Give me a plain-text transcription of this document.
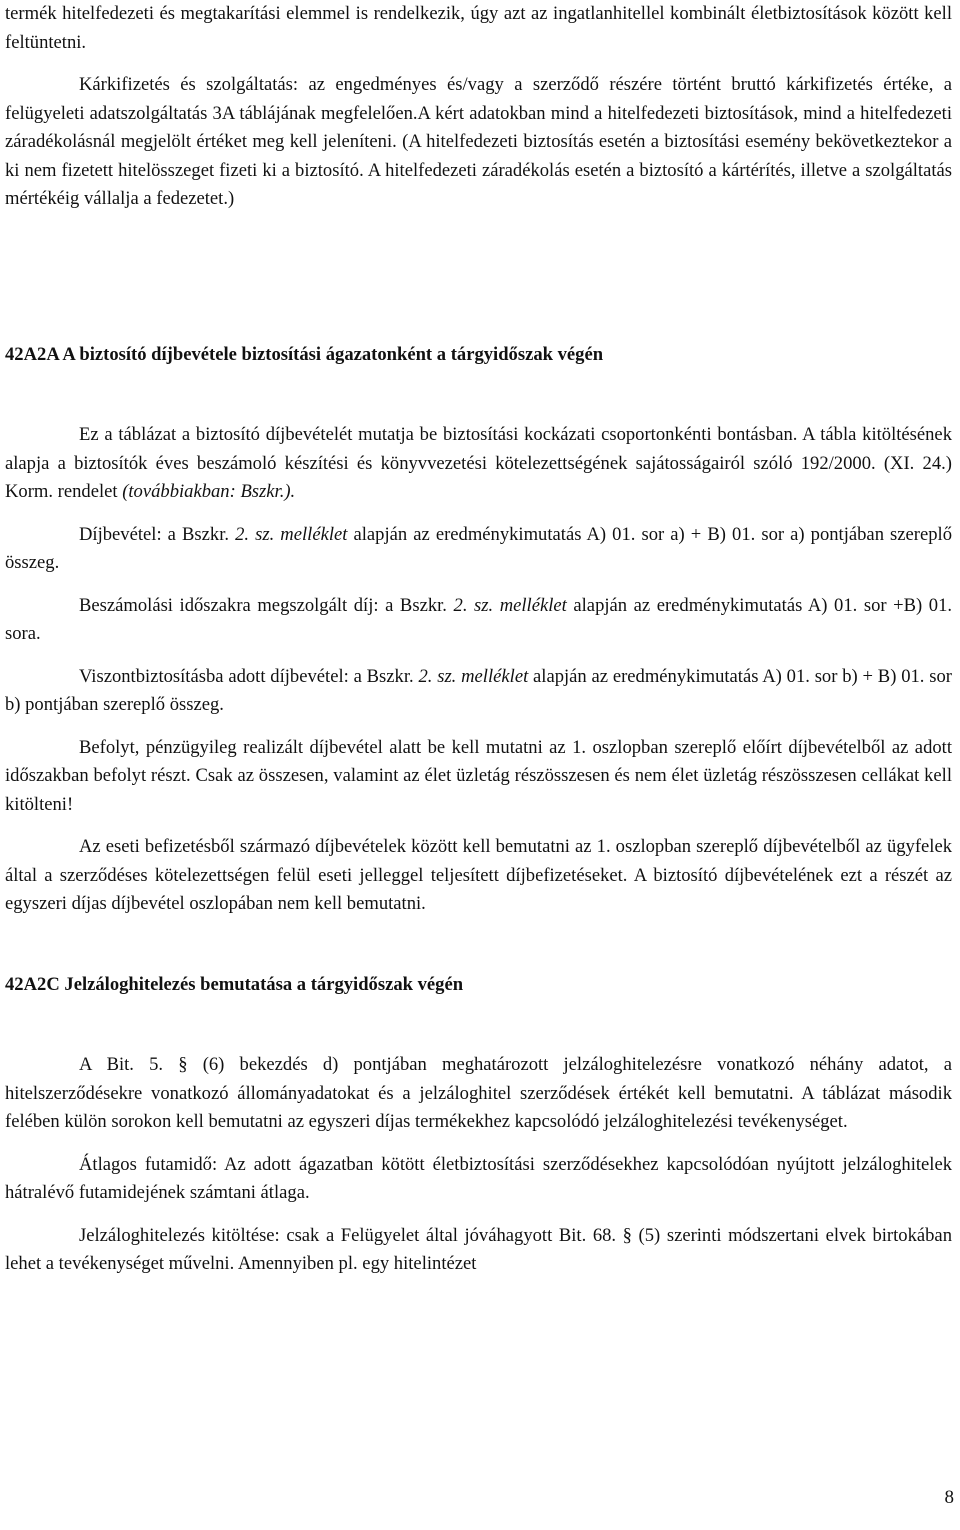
termék hitelfedezeti és megtakarítási elemmel is rendelkezik, úgy azt az ingatlanhitellel kombinált életbiztosítások között kell feltüntetni.

Kárkifizetés és szolgáltatás: az engedményes és/vagy a szerződő részére történt bruttó kárkifizetés értéke, a felügyeleti adatszolgáltatás 3A táblájának megfelelően.A kért adatokban mind a hitelfedezeti biztosítások, mind a hitelfedezeti záradékolásnál megjelölt értéket meg kell jeleníteni. (A hitelfedezeti biztosítás esetén a biztosítási esemény bekövetkeztekor a ki nem fizetett hitelösszeget fizeti ki a biztosító. A hitelfedezeti záradékolás esetén a biztosító a kártérítés, illetve a szolgáltatás mértékéig vállalja a fedezetet.)

42A2A A biztosító díjbevétele biztosítási ágazatonként a tárgyidőszak végén

Ez a táblázat a biztosító díjbevételét mutatja be biztosítási kockázati csoportonkénti bontásban. A tábla kitöltésének alapja a biztosítók éves beszámoló készítési és könyvvezetési kötelezettségének sajátosságairól szóló 192/2000. (XI. 24.) Korm. rendelet (továbbiakban: Bszkr.).

Díjbevétel: a Bszkr. 2. sz. melléklet alapján az eredménykimutatás A) 01. sor a) + B) 01. sor a) pontjában szereplő összeg.

Beszámolási időszakra megszolgált díj: a Bszkr. 2. sz. melléklet alapján az eredménykimutatás A) 01. sor +B) 01. sora.

Viszontbiztosításba adott díjbevétel: a Bszkr. 2. sz. melléklet alapján az eredménykimutatás A) 01. sor b) + B) 01. sor b) pontjában szereplő összeg.

Befolyt, pénzügyileg realizált díjbevétel alatt be kell mutatni az 1. oszlopban szereplő előírt díjbevételből az adott időszakban befolyt részt. Csak az összesen, valamint az élet üzletág részösszesen és nem élet üzletág részösszesen cellákat kell kitölteni!

Az eseti befizetésből származó díjbevételek között kell bemutatni az 1. oszlopban szereplő díjbevételből az ügyfelek által a szerződéses kötelezettségen felül eseti jelleggel teljesített díjbefizetéseket. A biztosító díjbevételének ezt a részét az egyszeri díjas díjbevétel oszlopában nem kell bemutatni.

42A2C Jelzáloghitelezés bemutatása a tárgyidőszak végén

A Bit. 5. § (6) bekezdés d) pontjában meghatározott jelzáloghitelezésre vonatkozó néhány adatot, a hitelszerződésekre vonatkozó állományadatokat és a jelzáloghitel szerződések értékét kell bemutatni. A táblázat második felében külön sorokon kell bemutatni az egyszeri díjas termékekhez kapcsolódó jelzáloghitelezési tevékenységet.

Átlagos futamidő: Az adott ágazatban kötött életbiztosítási szerződésekhez kapcsolódóan nyújtott jelzáloghitelek hátralévő futamidejének számtani átlaga.

Jelzáloghitelezés kitöltése: csak a Felügyelet által jóváhagyott Bit. 68. § (5) szerinti módszertani elvek birtokában lehet a tevékenységet művelni. Amennyiben pl. egy hitelintézet

8
